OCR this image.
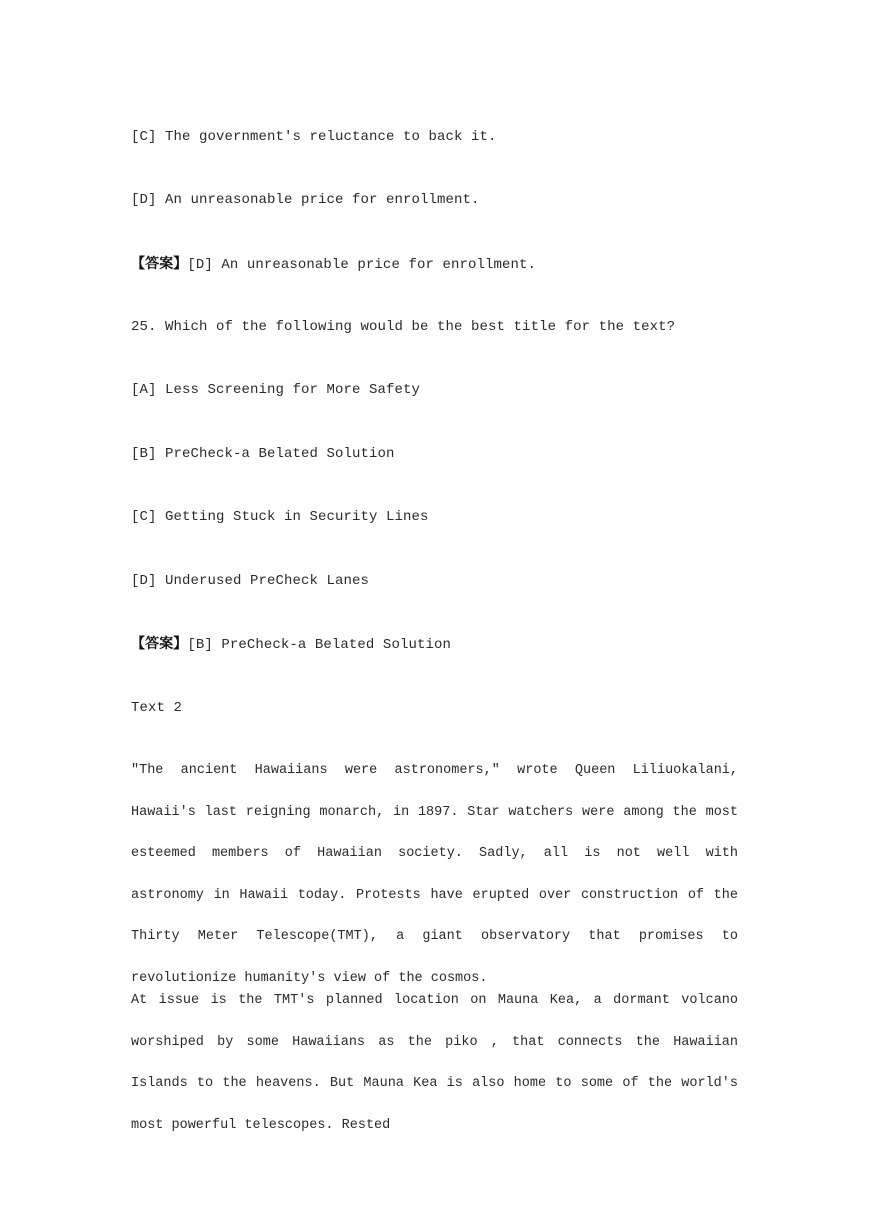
[C] The government's reluctance to back it.

[D] An unreasonable price for enrollment.

【答案】[D] An unreasonable price for enrollment.

25. Which of the following would be the best title for the text?

[A] Less Screening for More Safety

[B] PreCheck-a Belated Solution

[C] Getting Stuck in Security Lines

[D] Underused PreCheck Lanes

【答案】[B] PreCheck-a Belated Solution

Text 2

"The ancient Hawaiians were astronomers," wrote Queen Liliuokalani, Hawaii's last reigning monarch, in 1897. Star watchers were among the most esteemed members of Hawaiian society. Sadly, all is not well with astronomy in Hawaii today. Protests have erupted over construction of the Thirty Meter Telescope(TMT), a giant observatory that promises to revolutionize humanity's view of the cosmos.

At issue is the TMT's planned location on Mauna Kea, a dormant volcano worshiped by some Hawaiians as the piko , that connects the Hawaiian Islands to the heavens. But Mauna Kea is also home to some of the world's most powerful telescopes. Rested
